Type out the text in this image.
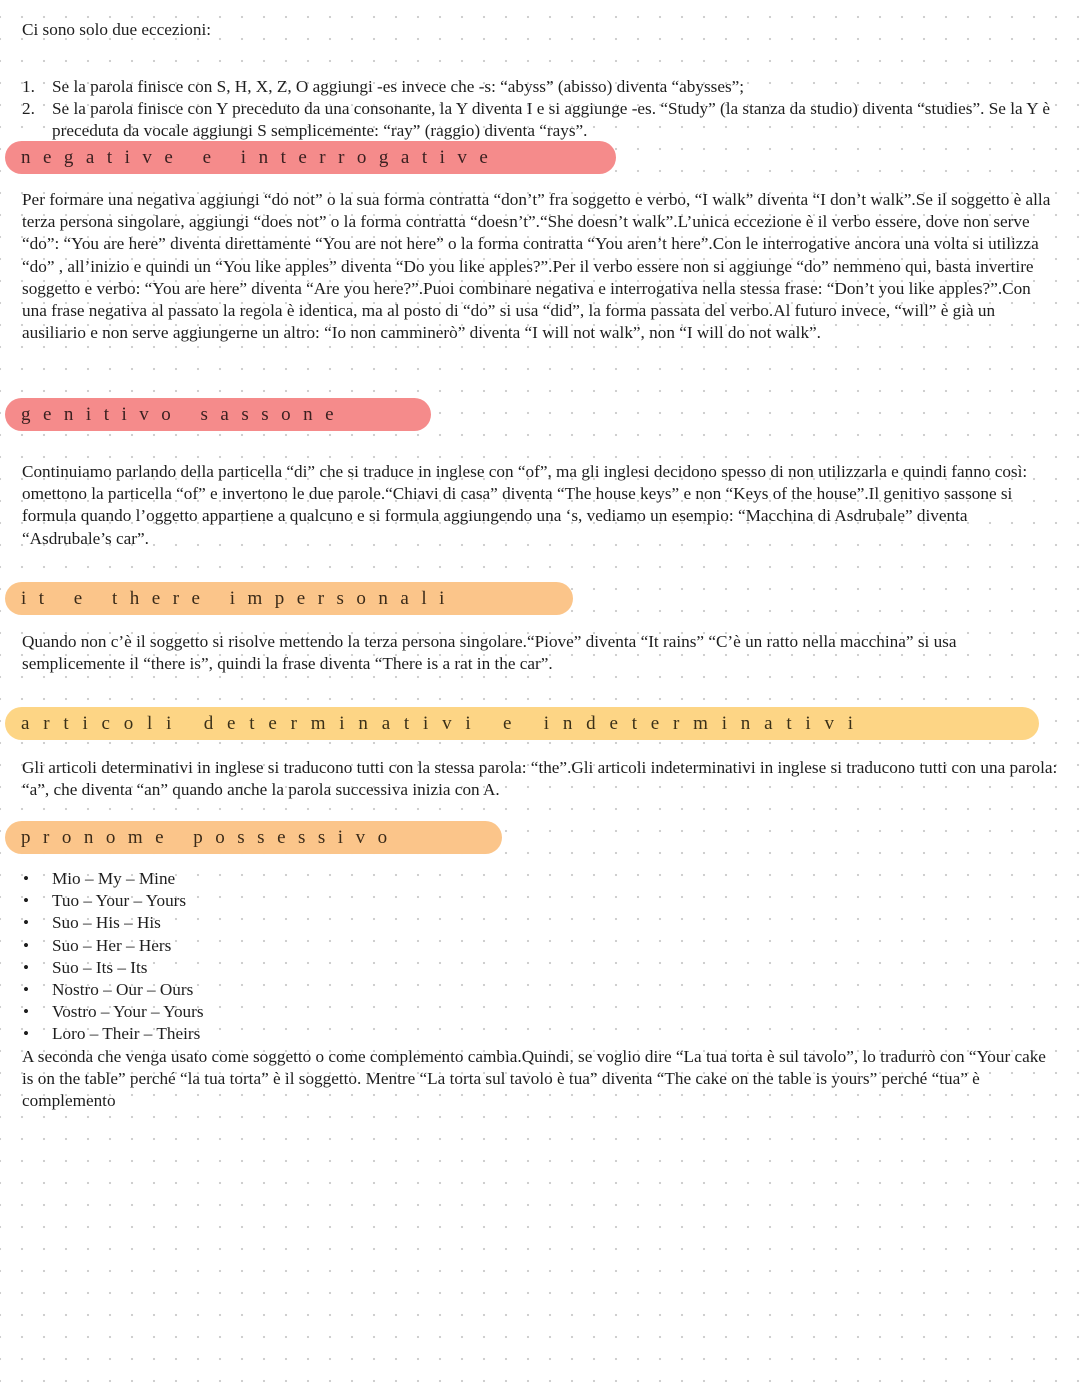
Ci sono solo due eccezioni:

1. Se la parola finisce con S, H, X, Z, O aggiungi -es invece che -s: “abyss” (abisso) diventa “abysses”;
2. Se la parola finisce con Y preceduto da una consonante, la Y diventa I e si aggiunge -es. “Study” (la stanza da studio) diventa “studies”. Se la Y è preceduta da vocale aggiungi S semplicemente: “ray” (raggio) diventa “rays”.
negative e interrogative

Per formare una negativa aggiungi “do not” o la sua forma contratta “don’t” fra soggetto e verbo, “I walk” diventa “I don’t walk”.Se il soggetto è alla terza persona singolare, aggiungi “does not” o la forma contratta “doesn’t”.“She doesn’t walk”.L’unica eccezione è il verbo essere, dove non serve “do”: “You are here” diventa direttamente “You are not here” o la forma contratta “You aren’t here”.Con le interrogative ancora una volta si utilizza “do” , all’inizio e quindi un “You like apples” diventa “Do you like apples?”.Per il verbo essere non si aggiunge “do” nemmeno qui, basta invertire soggetto e verbo: “You are here” diventa “Are you here?”.Puoi combinare negativa e interrogativa nella stessa frase: “Don’t you like apples?”.Con una frase negativa al passato la regola è identica, ma al posto di “do” si usa “did”, la forma passata del verbo.Al futuro invece, “will” è già un ausiliario e non serve aggiungerne un altro: “Io non camminerò” diventa “I will not walk”, non “I will do not walk”.

genitivo sassone

Continuiamo parlando della particella “di” che si traduce in inglese con “of”, ma gli inglesi decidono spesso di non utilizzarla e quindi fanno così: omettono la particella “of” e invertono le due parole.“Chiavi di casa” diventa “The house keys” e non “Keys of the house”.Il genitivo sassone si formula quando l’oggetto appartiene a qualcuno e si formula aggiungendo una ‘s, vediamo un esempio: “Macchina di Asdrubale” diventa “Asdrubale’s car”.

it e there impersonali

Quando non c’è il soggetto si risolve mettendo la terza persona singolare.“Piove” diventa “It rains” “C’è un ratto nella macchina” si usa semplicemente il “there is”, quindi la frase diventa “There is a rat in the car”.

articoli determinativi e indeterminativi

Gli articoli determinativi in inglese si traducono tutti con la stessa parola: “the”.Gli articoli indeterminativi in inglese si traducono tutti con una parola: “a”, che diventa “an” quando anche la parola successiva inizia con A.

pronome possessivo
• Mio – My – Mine
• Tuo – Your – Yours
• Suo – His – His
• Suo – Her – Hers
• Suo – Its – Its
• Nostro – Our – Ours
• Vostro – Your – Yours
• Loro – Their – Theirs

A seconda che venga usato come soggetto o come complemento cambia.Quindi, se voglio dire “La tua torta è sul tavolo”, lo tradurrò con “Your cake is on the table” perché “la tua torta” è il soggetto. Mentre “La torta sul tavolo è tua” diventa “The cake on the table is yours” perché “tua” è complemento
